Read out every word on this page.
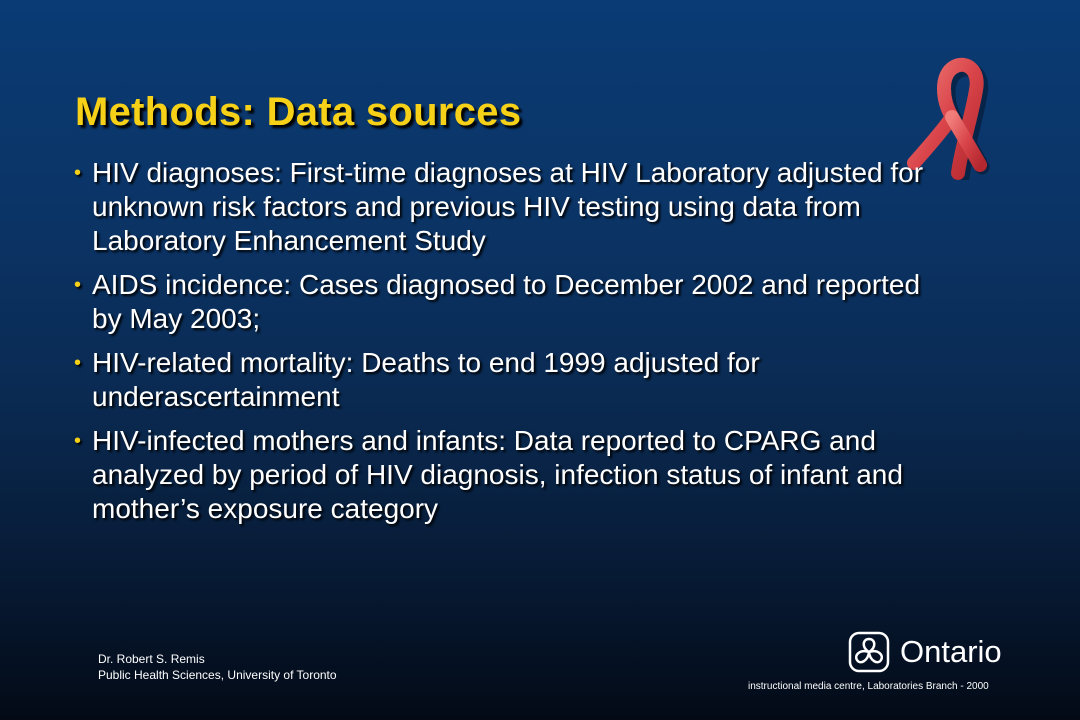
Methods: Data sources
• HIV diagnoses: First-time diagnoses at HIV Laboratory adjusted for unknown risk factors and previous HIV testing using data from Laboratory Enhancement Study
• AIDS incidence: Cases diagnosed to December 2002 and reported by May 2003;
• HIV-related mortality: Deaths to end 1999 adjusted for underascertainment
• HIV-infected mothers and infants: Data reported to CPARG and analyzed by period of HIV diagnosis, infection status of infant and mother’s exposure category
Dr. Robert S. Remis
Public Health Sciences, University of Toronto
Ontario
instructional media centre, Laboratories Branch - 2000
